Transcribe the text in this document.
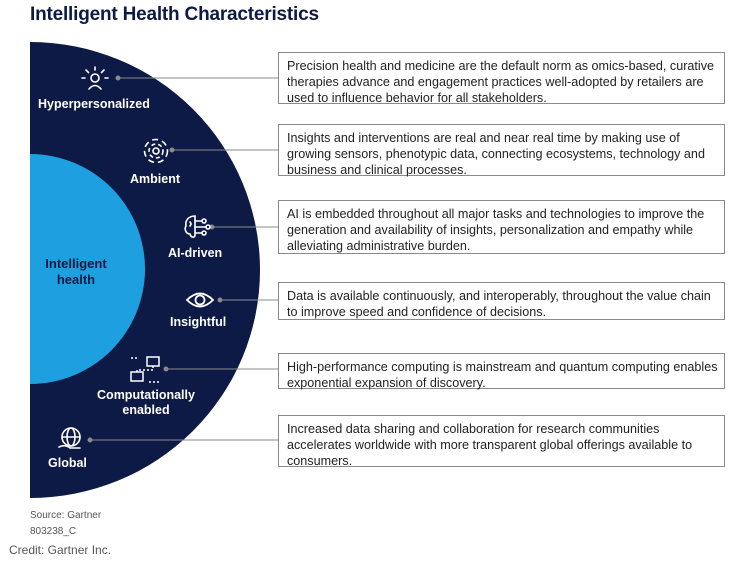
Intelligent Health Characteristics
Hyperpersonalized
Ambient
AI-driven
Insightful
Computationally enabled
Global
Intelligent health
Precision health and medicine are the default norm as omics-based, curative therapies advance and engagement practices well-adopted by retailers are used to influence behavior for all stakeholders.
Insights and interventions are real and near real time by making use of growing sensors, phenotypic data, connecting ecosystems, technology and business and clinical processes.
AI is embedded throughout all major tasks and technologies to improve the generation and availability of insights, personalization and empathy while alleviating administrative burden.
Data is available continuously, and interoperably, throughout the value chain to improve speed and confidence of decisions.
High-performance computing is mainstream and quantum computing enables exponential expansion of discovery.
Increased data sharing and collaboration for research communities accelerates worldwide with more transparent global offerings available to consumers.
Source: Gartner
803238_C
Credit: Gartner Inc.
